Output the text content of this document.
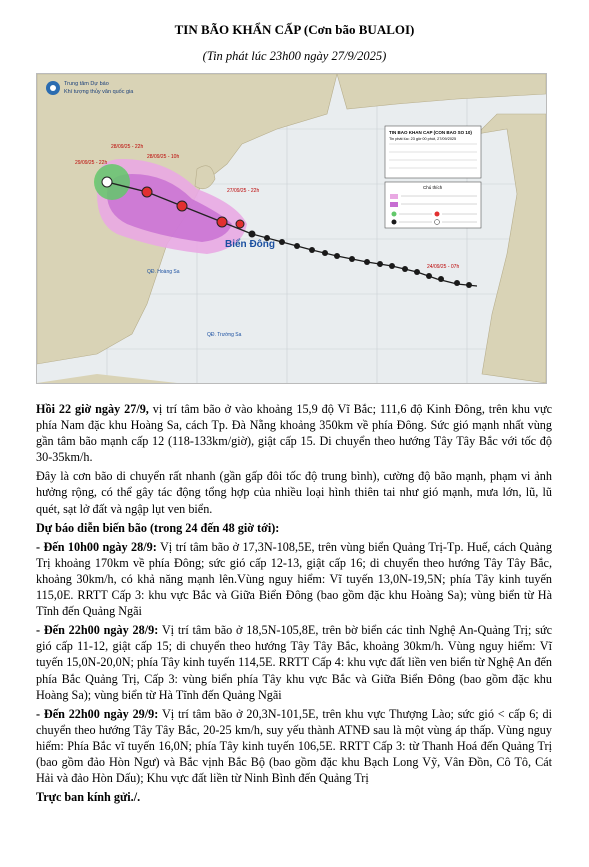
TIN BÃO KHẨN CẤP (Cơn bão BUALOI)
(Tin phát lúc 23h00 ngày 27/9/2025)
Trung tâm Dự báo
Khí tượng thủy văn quốc gia
28/09/25 - 22h
28/09/25 - 10h
29/09/25 - 22h
27/09/25 - 22h
24/09/25 - 07h
Biển Đông
QĐ. Hoàng Sa
QĐ. Trường Sa
TIN BAO KHAN CAP (CON BAO SO 10)
Tin phát lúc: 23 giờ 00 phút, 27/09/2025
Chú thích

Hồi 22 giờ ngày 27/9, vị trí tâm bão ở vào khoảng 15,9 độ Vĩ Bắc; 111,6 độ Kinh Đông, trên khu vực phía Nam đặc khu Hoàng Sa, cách Tp. Đà Nẵng khoảng 350km về phía Đông. Sức gió mạnh nhất vùng gần tâm bão mạnh cấp 12 (118-133km/giờ), giật cấp 15. Di chuyển theo hướng Tây Tây Bắc với tốc độ 30-35km/h.

Đây là cơn bão di chuyển rất nhanh (gần gấp đôi tốc độ trung bình), cường độ bão mạnh, phạm vi ảnh hưởng rộng, có thể gây tác động tổng hợp của nhiều loại hình thiên tai như gió mạnh, mưa lớn, lũ, lũ quét, sạt lở đất và ngập lụt ven biển.

Dự báo diễn biến bão (trong 24 đến 48 giờ tới):

- Đến 10h00 ngày 28/9: Vị trí tâm bão ở 17,3N-108,5E, trên vùng biển Quảng Trị-Tp. Huế, cách Quảng Trị khoảng 170km về phía Đông; sức gió cấp 12-13, giật cấp 16; di chuyển theo hướng Tây Tây Bắc, khoảng 30km/h, có khả năng mạnh lên.Vùng nguy hiểm: Vĩ tuyến 13,0N-19,5N; phía Tây kinh tuyến 115,0E. RRTT Cấp 3: khu vực Bắc và Giữa Biển Đông (bao gồm đặc khu Hoàng Sa); vùng biển từ Hà Tĩnh đến Quảng Ngãi

- Đến 22h00 ngày 28/9: Vị trí tâm bão ở 18,5N-105,8E, trên bờ biển các tỉnh Nghệ An-Quảng Trị; sức gió cấp 11-12, giật cấp 15; di chuyển theo hướng Tây Tây Bắc, khoảng 30km/h. Vùng nguy hiểm: Vĩ tuyến 15,0N-20,0N; phía Tây kinh tuyến 114,5E. RRTT Cấp 4: khu vực đất liền ven biển từ Nghệ An đến phía Bắc Quảng Trị, Cấp 3: vùng biển phía Tây khu vực Bắc và Giữa Biển Đông (bao gồm đặc khu Hoàng Sa); vùng biển từ Hà Tĩnh đến Quảng Ngãi

- Đến 22h00 ngày 29/9: Vị trí tâm bão ở 20,3N-101,5E, trên khu vực Thượng Lào; sức gió < cấp 6; di chuyển theo hướng Tây Tây Bắc, 20-25 km/h, suy yếu thành ATNĐ sau là một vùng áp thấp. Vùng nguy hiểm: Phía Bắc vĩ tuyến 16,0N; phía Tây kinh tuyến 106,5E. RRTT Cấp 3: từ Thanh Hoá đến Quảng Trị (bao gồm đảo Hòn Ngư) và Bắc vịnh Bắc Bộ (bao gồm đặc khu Bạch Long Vỹ, Vân Đồn, Cô Tô, Cát Hải và đảo Hòn Dấu); Khu vực đất liền từ Ninh Bình đến Quảng Trị

Trực ban kính gửi./.
